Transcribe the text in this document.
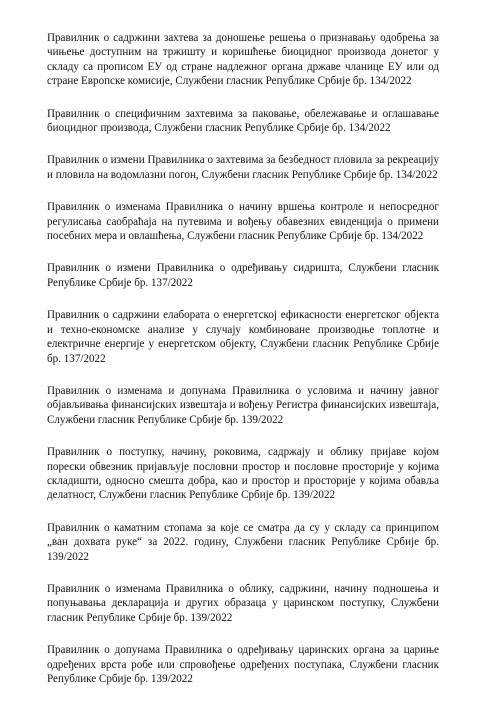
Правилник о садржини захтева за доношење решења о признавању одобрења за чињење доступним на тржишту и коришћење биоцидног производа донетог у складу са прописом ЕУ од стране надлежног органа државе чланице ЕУ или од стране Европске комисије, Службени гласник Републике Србије бр. 134/2022

Правилник о специфичним захтевима за паковање, обележавање и оглашавање биоцидног производа, Службени гласник Републике Србије бр. 134/2022

Правилник о измени Правилника о захтевима за безбедност пловила за рекреацију и пловила на водомлазни погон, Службени гласник Републике Србије бр. 134/2022

Правилник о изменама Правилника о начину вршења контроле и непосредног регулисања саобраћаја на путевима и вођењу обавезних евиденција о примени посебних мера и овлашћења, Службени гласник Републике Србије бр. 134/2022

Правилник о измени Правилника о одређивању сидришта, Службени гласник Републике Србије бр. 137/2022

Правилник о садржини елабората о енергетској ефикасности енергетског објекта и техно-економске анализе у случају комбиноване производње топлотне и електричне енергије у енергетском објекту, Службени гласник Републике Србије бр. 137/2022

Правилник о изменама и допунама Правилника о условима и начину јавног објављивања финансијских извештаја и вођењу Регистра финансијских извештаја, Службени гласник Републике Србије бр. 139/2022

Правилник о поступку, начину, роковима, садржају и облику пријаве којом порески обвезник пријављује пословни простор и пословне просторије у којима складишти, односно смешта добра, као и простор и просторије у којима обавља делатност, Службени гласник Републике Србије бр. 139/2022

Правилник о каматним стопама за које се сматра да су у складу са принципом „ван дохвата руке“ за 2022. годину, Службени гласник Републике Србије бр. 139/2022

Правилник о изменама Правилника о облику, садржини, начину подношења и попуњавања декларација и других образаца у царинском поступку, Службени гласник Републике Србије бр. 139/2022

Правилник о допунама Правилника о одређивању царинских органа за цариње одређених врста робе или спровођење одређених поступака, Службени гласник Републике Србије бр. 139/2022
